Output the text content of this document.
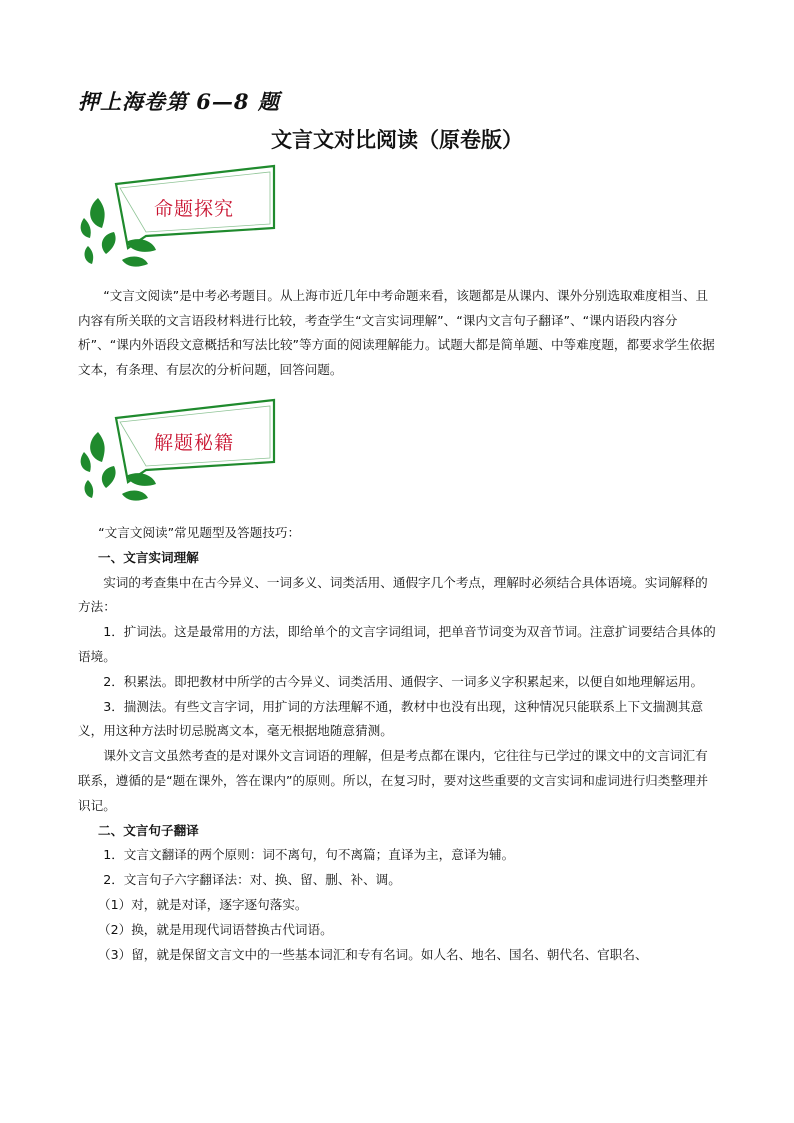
押上海卷第 6—8 题
文言文对比阅读（原卷版）
命题探究

“文言文阅读”是中考必考题目。从上海市近几年中考命题来看，该题都是从课内、课外分别选取难度相当、且内容有所关联的文言语段材料进行比较，考查学生“文言实词理解”、“课内文言句子翻译”、“课内语段内容分析”、“课内外语段文意概括和写法比较”等方面的阅读理解能力。试题大都是简单题、中等难度题，都要求学生依据文本，有条理、有层次的分析问题，回答问题。

解题秘籍

“文言文阅读”常见题型及答题技巧：

一、文言实词理解

实词的考查集中在古今异义、一词多义、词类活用、通假字几个考点，理解时必须结合具体语境。实词解释的方法：

1．扩词法。这是最常用的方法，即给单个的文言字词组词，把单音节词变为双音节词。注意扩词要结合具体的语境。

2．积累法。即把教材中所学的古今异义、词类活用、通假字、一词多义字积累起来，以便自如地理解运用。

3．揣测法。有些文言字词，用扩词的方法理解不通，教材中也没有出现，这种情况只能联系上下文揣测其意义，用这种方法时切忌脱离文本，毫无根据地随意猜测。

课外文言文虽然考查的是对课外文言词语的理解，但是考点都在课内，它往往与已学过的课文中的文言词汇有联系，遵循的是“题在课外，答在课内”的原则。所以，在复习时，要对这些重要的文言实词和虚词进行归类整理并识记。

二、文言句子翻译

1．文言文翻译的两个原则：词不离句，句不离篇；直译为主，意译为辅。

2．文言句子六字翻译法：对、换、留、删、补、调。

（1）对，就是对译，逐字逐句落实。

（2）换，就是用现代词语替换古代词语。

（3）留，就是保留文言文中的一些基本词汇和专有名词。如人名、地名、国名、朝代名、官职名、
